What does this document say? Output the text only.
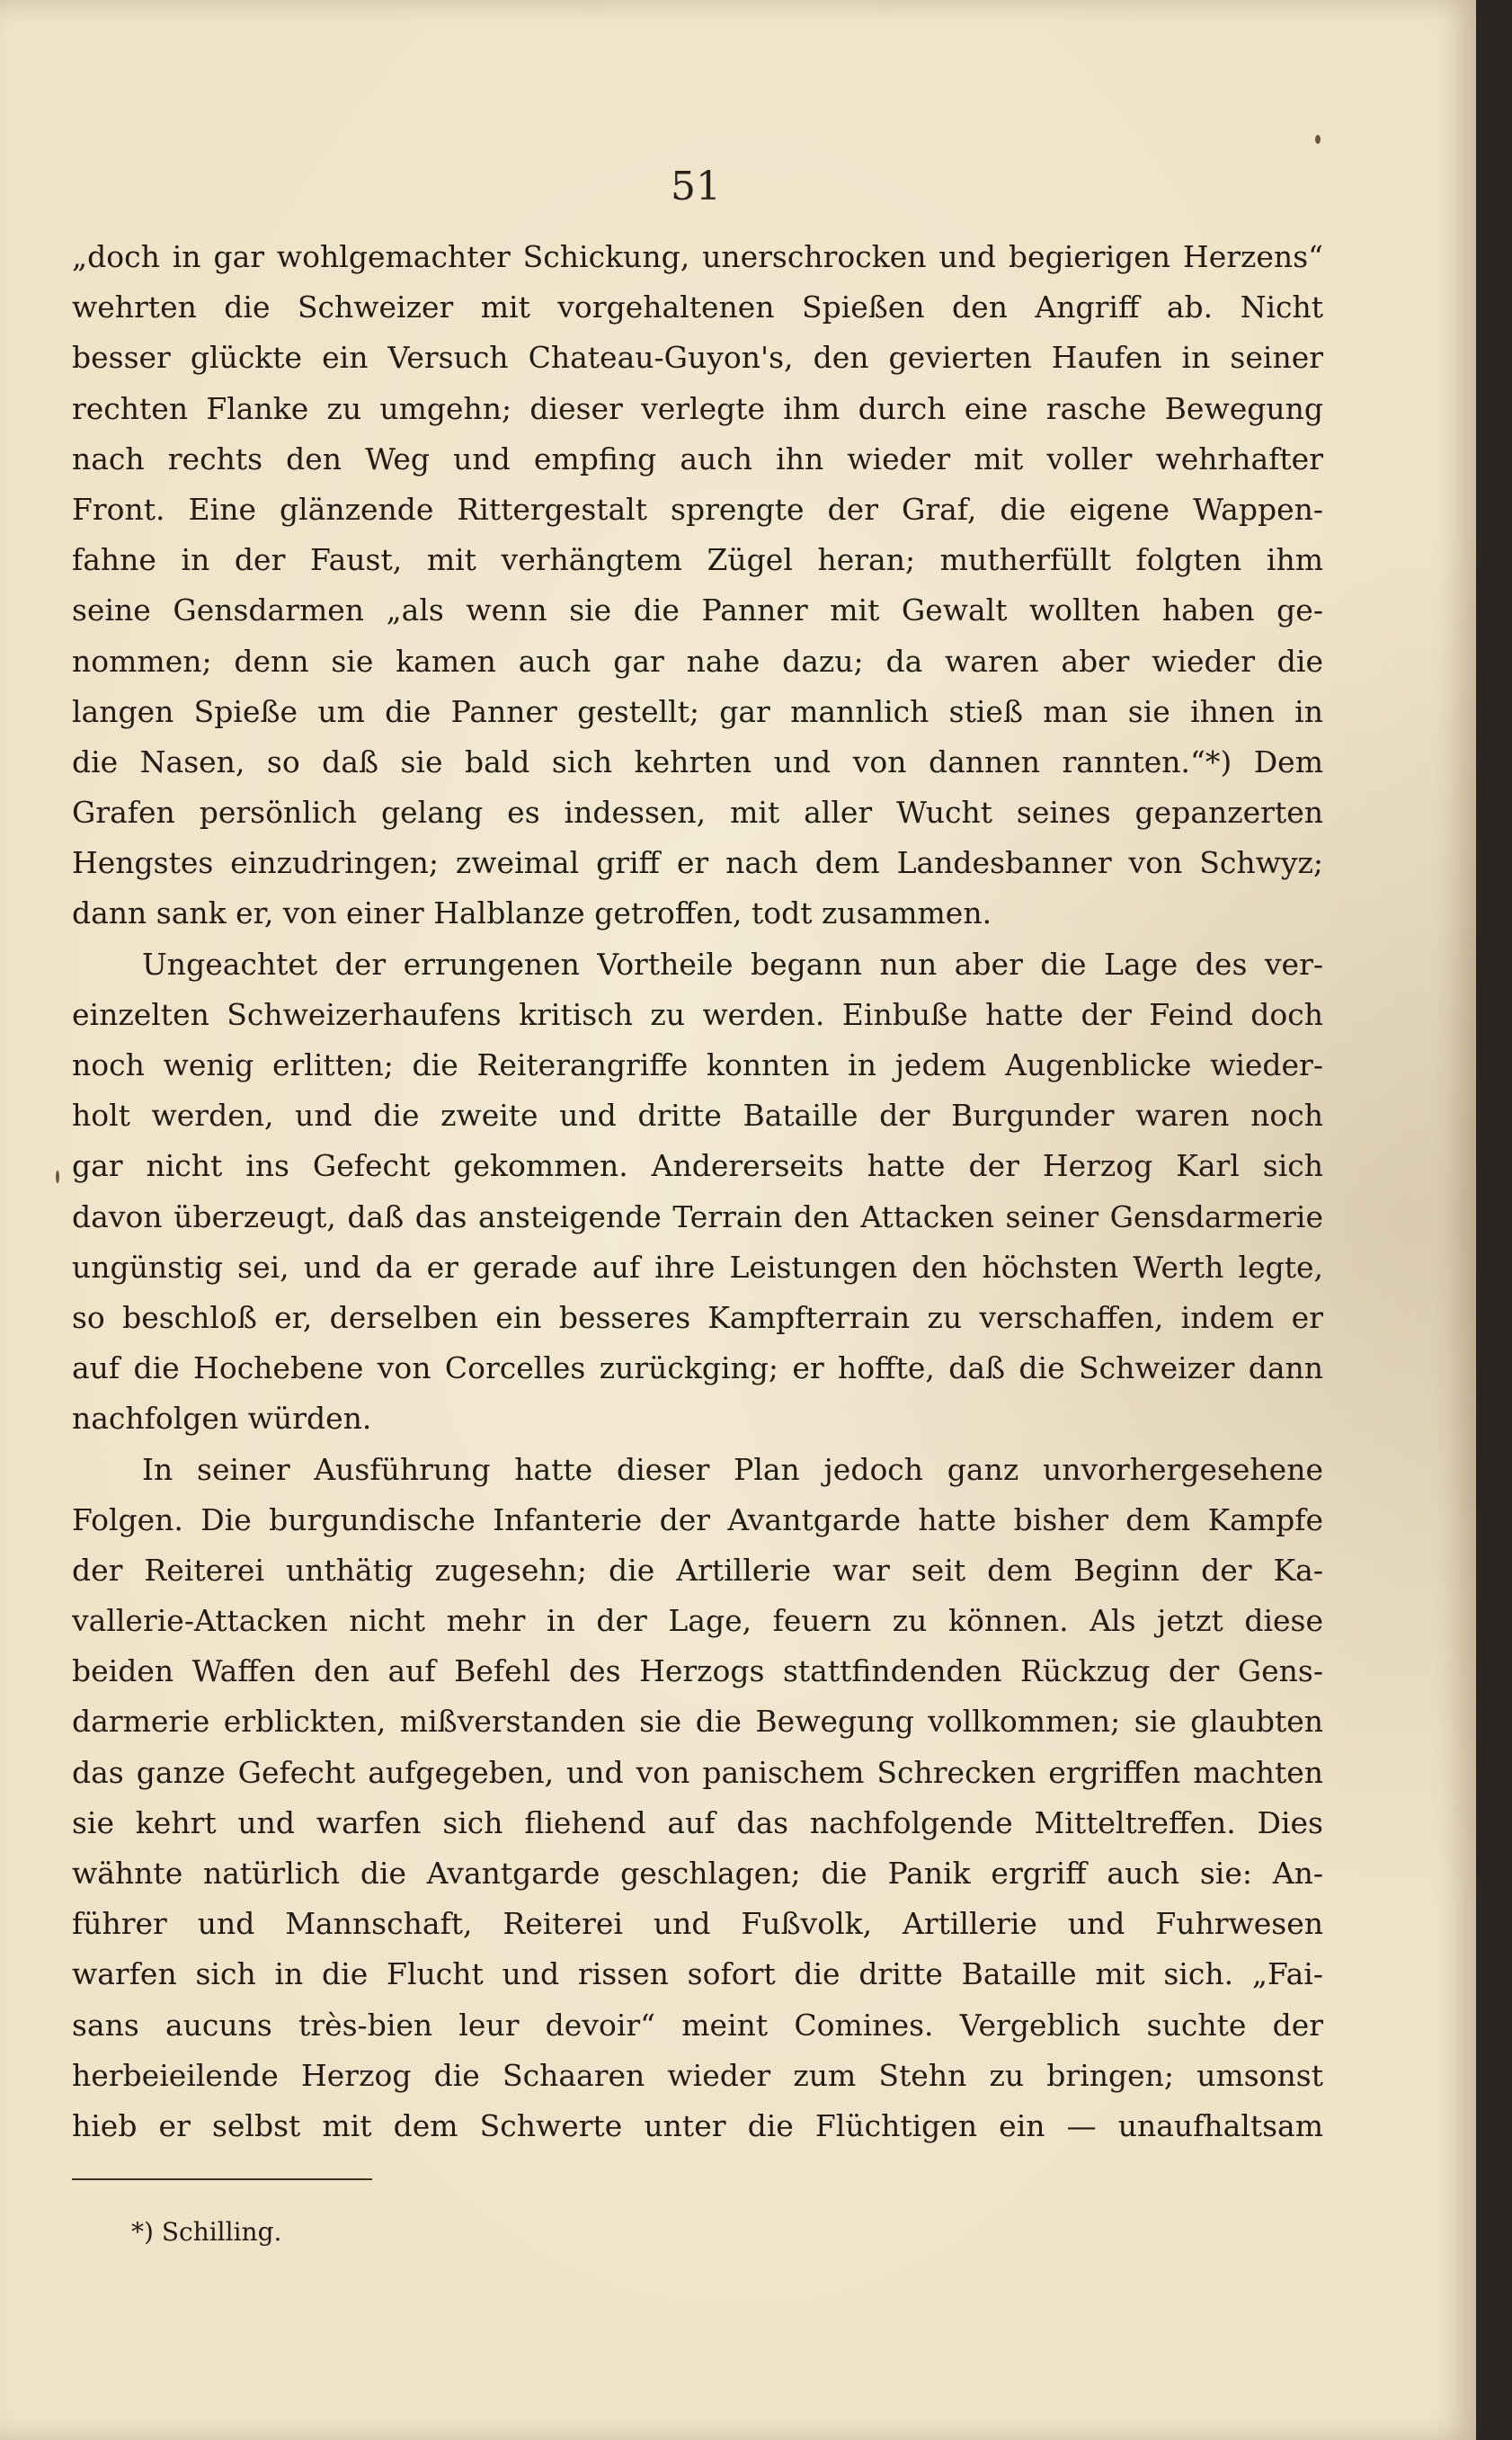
51
„doch in gar wohlgemachter Schickung, unerschrocken und begierigen Herzens“
wehrten die Schweizer mit vorgehaltenen Spießen den Angriff ab. Nicht
besser glückte ein Versuch Chateau-Guyon's, den gevierten Haufen in seiner
rechten Flanke zu umgehn; dieser verlegte ihm durch eine rasche Bewegung
nach rechts den Weg und empfing auch ihn wieder mit voller wehrhafter
Front. Eine glänzende Rittergestalt sprengte der Graf, die eigene Wappen-
fahne in der Faust, mit verhängtem Zügel heran; mutherfüllt folgten ihm
seine Gensdarmen „als wenn sie die Panner mit Gewalt wollten haben ge-
nommen; denn sie kamen auch gar nahe dazu; da waren aber wieder die
langen Spieße um die Panner gestellt; gar mannlich stieß man sie ihnen in
die Nasen, so daß sie bald sich kehrten und von dannen rannten.“*) Dem
Grafen persönlich gelang es indessen, mit aller Wucht seines gepanzerten
Hengstes einzudringen; zweimal griff er nach dem Landesbanner von Schwyz;
dann sank er, von einer Halblanze getroffen, todt zusammen.
Ungeachtet der errungenen Vortheile begann nun aber die Lage des ver-
einzelten Schweizerhaufens kritisch zu werden. Einbuße hatte der Feind doch
noch wenig erlitten; die Reiterangriffe konnten in jedem Augenblicke wieder-
holt werden, und die zweite und dritte Bataille der Burgunder waren noch
gar nicht ins Gefecht gekommen. Andererseits hatte der Herzog Karl sich
davon überzeugt, daß das ansteigende Terrain den Attacken seiner Gensdarmerie
ungünstig sei, und da er gerade auf ihre Leistungen den höchsten Werth legte,
so beschloß er, derselben ein besseres Kampfterrain zu verschaffen, indem er
auf die Hochebene von Corcelles zurückging; er hoffte, daß die Schweizer dann
nachfolgen würden.
In seiner Ausführung hatte dieser Plan jedoch ganz unvorhergesehene
Folgen. Die burgundische Infanterie der Avantgarde hatte bisher dem Kampfe
der Reiterei unthätig zugesehn; die Artillerie war seit dem Beginn der Ka-
vallerie-Attacken nicht mehr in der Lage, feuern zu können. Als jetzt diese
beiden Waffen den auf Befehl des Herzogs stattfindenden Rückzug der Gens-
darmerie erblickten, mißverstanden sie die Bewegung vollkommen; sie glaubten
das ganze Gefecht aufgegeben, und von panischem Schrecken ergriffen machten
sie kehrt und warfen sich fliehend auf das nachfolgende Mitteltreffen. Dies
wähnte natürlich die Avantgarde geschlagen; die Panik ergriff auch sie: An-
führer und Mannschaft, Reiterei und Fußvolk, Artillerie und Fuhrwesen
warfen sich in die Flucht und rissen sofort die dritte Bataille mit sich. „Fai-
sans aucuns très-bien leur devoir“ meint Comines. Vergeblich suchte der
herbeieilende Herzog die Schaaren wieder zum Stehn zu bringen; umsonst
hieb er selbst mit dem Schwerte unter die Flüchtigen ein — unaufhaltsam
*) Schilling.
